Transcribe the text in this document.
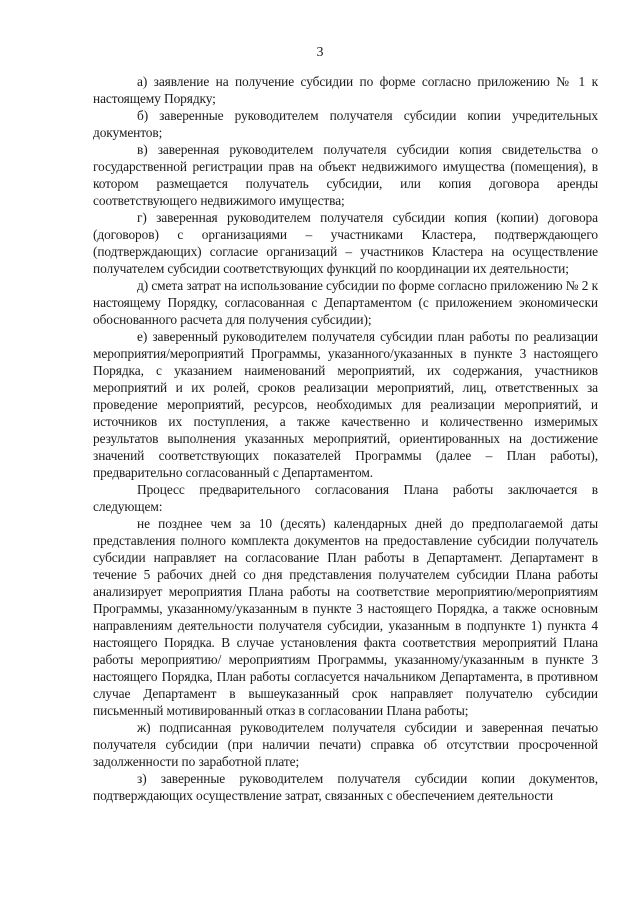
3

а) заявление на получение субсидии по форме согласно приложению № 1 к настоящему Порядку;

б) заверенные руководителем получателя субсидии копии учредительных документов;

в) заверенная руководителем получателя субсидии копия свидетельства о государственной регистрации прав на объект недвижимого имущества (помещения), в котором размещается получатель субсидии, или копия договора аренды соответствующего недвижимого имущества;

г) заверенная руководителем получателя субсидии копия (копии) договора (договоров) с организациями – участниками Кластера, подтверждающего (подтверждающих) согласие организаций – участников Кластера на осуществление получателем субсидии соответствующих функций по координации их деятельности;

д) смета затрат на использование субсидии по форме согласно приложению № 2 к настоящему Порядку, согласованная с Департаментом (с приложением экономически обоснованного расчета для получения субсидии);

е) заверенный руководителем получателя субсидии план работы по реализации мероприятия/мероприятий Программы, указанного/указанных в пункте 3 настоящего Порядка, с указанием наименований мероприятий, их содержания, участников мероприятий и их ролей, сроков реализации мероприятий, лиц, ответственных за проведение мероприятий, ресурсов, необходимых для реализации мероприятий, и источников их поступления, а также качественно и количественно измеримых результатов выполнения указанных мероприятий, ориентированных на достижение значений соответствующих показателей Программы (далее – План работы), предварительно согласованный с Департаментом.

Процесс предварительного согласования Плана работы заключается в следующем:

не позднее чем за 10 (десять) календарных дней до предполагаемой даты представления полного комплекта документов на предоставление субсидии получатель субсидии направляет на согласование План работы в Департамент. Департамент в течение 5 рабочих дней со дня представления получателем субсидии Плана работы анализирует мероприятия Плана работы на соответствие мероприятию/мероприятиям Программы, указанному/указанным в пункте 3 настоящего Порядка, а также основным направлениям деятельности получателя субсидии, указанным в подпункте 1) пункта 4 настоящего Порядка. В случае установления факта соответствия мероприятий Плана работы мероприятию/ мероприятиям Программы, указанному/указанным в пункте 3 настоящего Порядка, План работы согласуется начальником Департамента, в противном случае Департамент в вышеуказанный срок направляет получателю субсидии письменный мотивированный отказ в согласовании Плана работы;

ж) подписанная руководителем получателя субсидии и заверенная печатью получателя субсидии (при наличии печати) справка об отсутствии просроченной задолженности по заработной плате;

з) заверенные руководителем получателя субсидии копии документов, подтверждающих осуществление затрат, связанных с обеспечением деятельности
